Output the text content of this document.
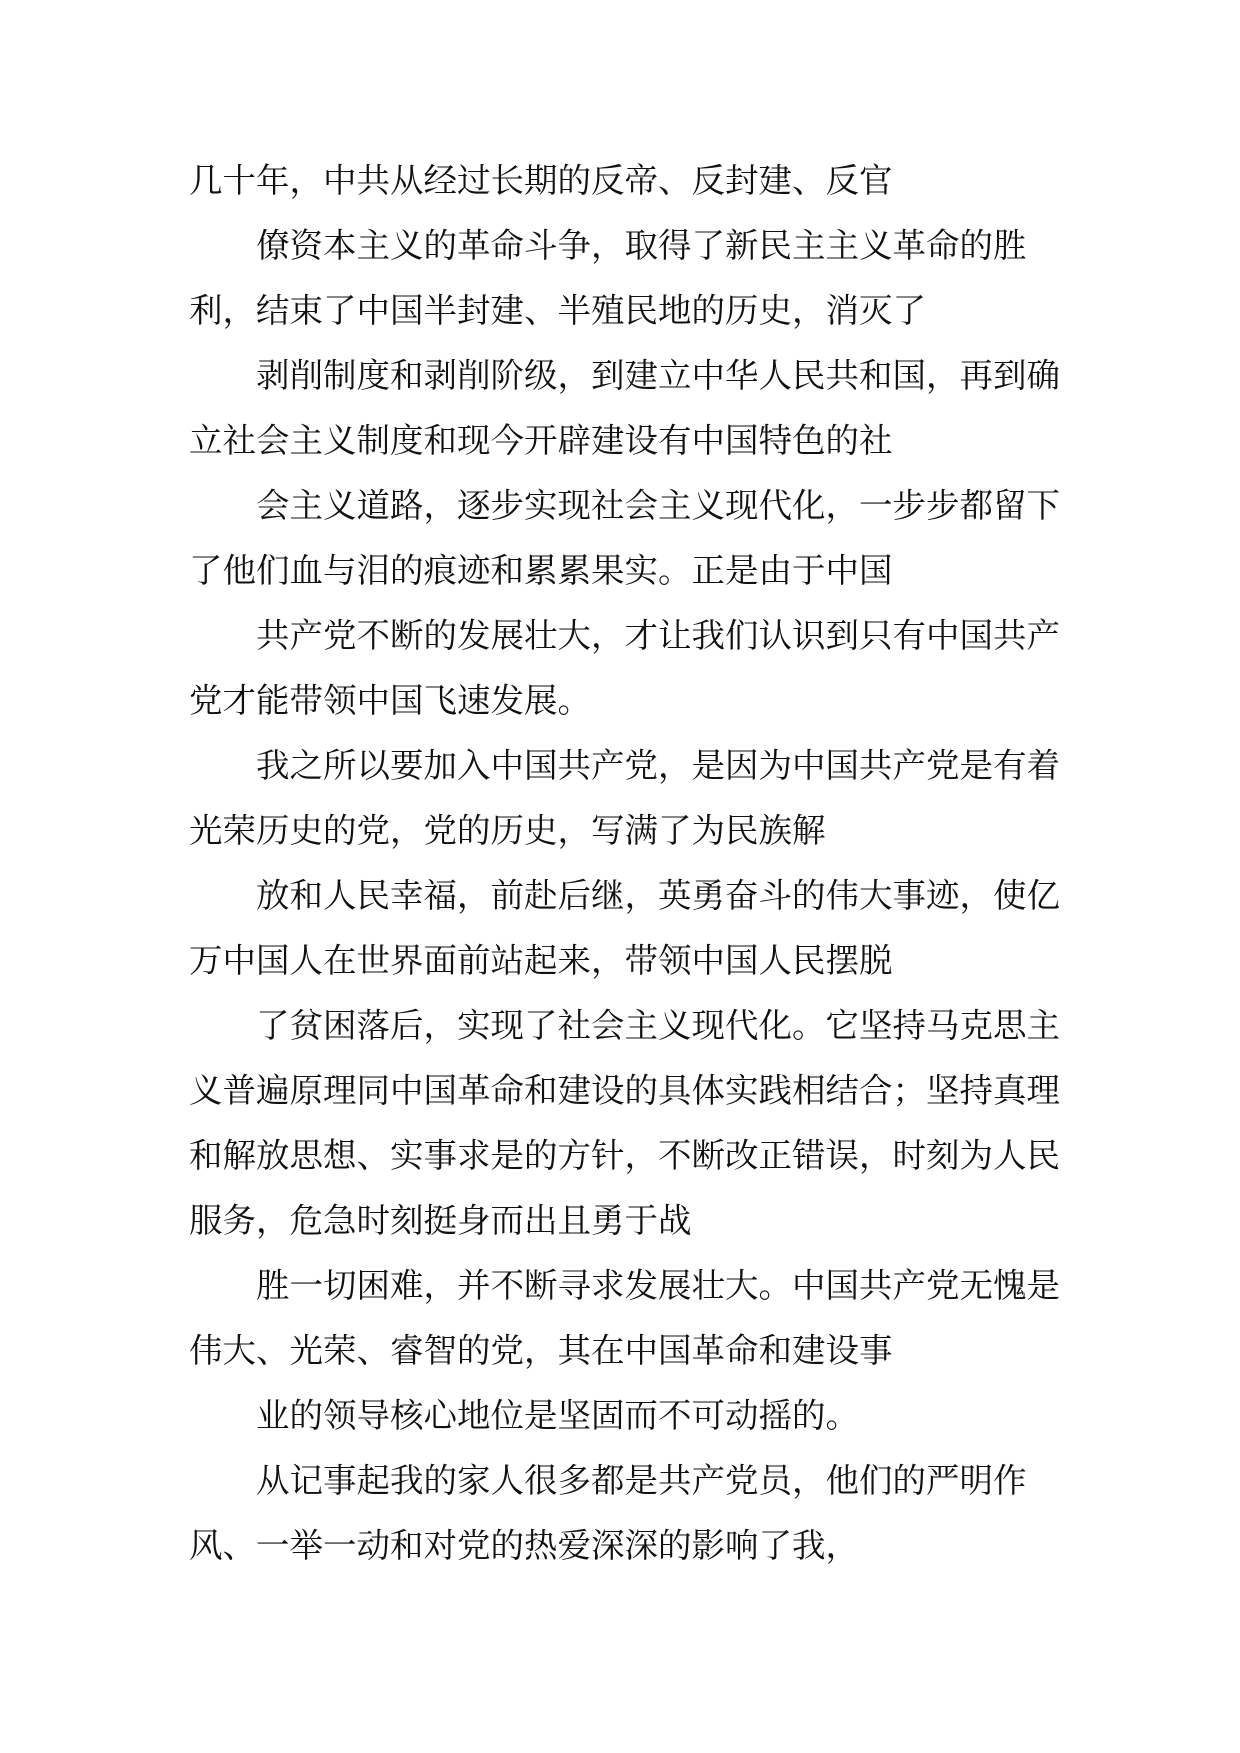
几十年，中共从经过长期的反帝、反封建、反官

僚资本主义的革命斗争，取得了新民主主义革命的胜

利，结束了中国半封建、半殖民地的历史，消灭了

剥削制度和剥削阶级，到建立中华人民共和国，再到确

立社会主义制度和现今开辟建设有中国特色的社

会主义道路，逐步实现社会主义现代化，一步步都留下

了他们血与泪的痕迹和累累果实。正是由于中国

共产党不断的发展壮大，才让我们认识到只有中国共产

党才能带领中国飞速发展。

我之所以要加入中国共产党，是因为中国共产党是有着

光荣历史的党，党的历史，写满了为民族解

放和人民幸福，前赴后继，英勇奋斗的伟大事迹，使亿

万中国人在世界面前站起来，带领中国人民摆脱

了贫困落后，实现了社会主义现代化。它坚持马克思主

义普遍原理同中国革命和建设的具体实践相结合；坚持真理

和解放思想、实事求是的方针，不断改正错误，时刻为人民

服务，危急时刻挺身而出且勇于战

胜一切困难，并不断寻求发展壮大。中国共产党无愧是

伟大、光荣、睿智的党，其在中国革命和建设事

业的领导核心地位是坚固而不可动摇的。

从记事起我的家人很多都是共产党员，他们的严明作

风、一举一动和对党的热爱深深的影响了我，
